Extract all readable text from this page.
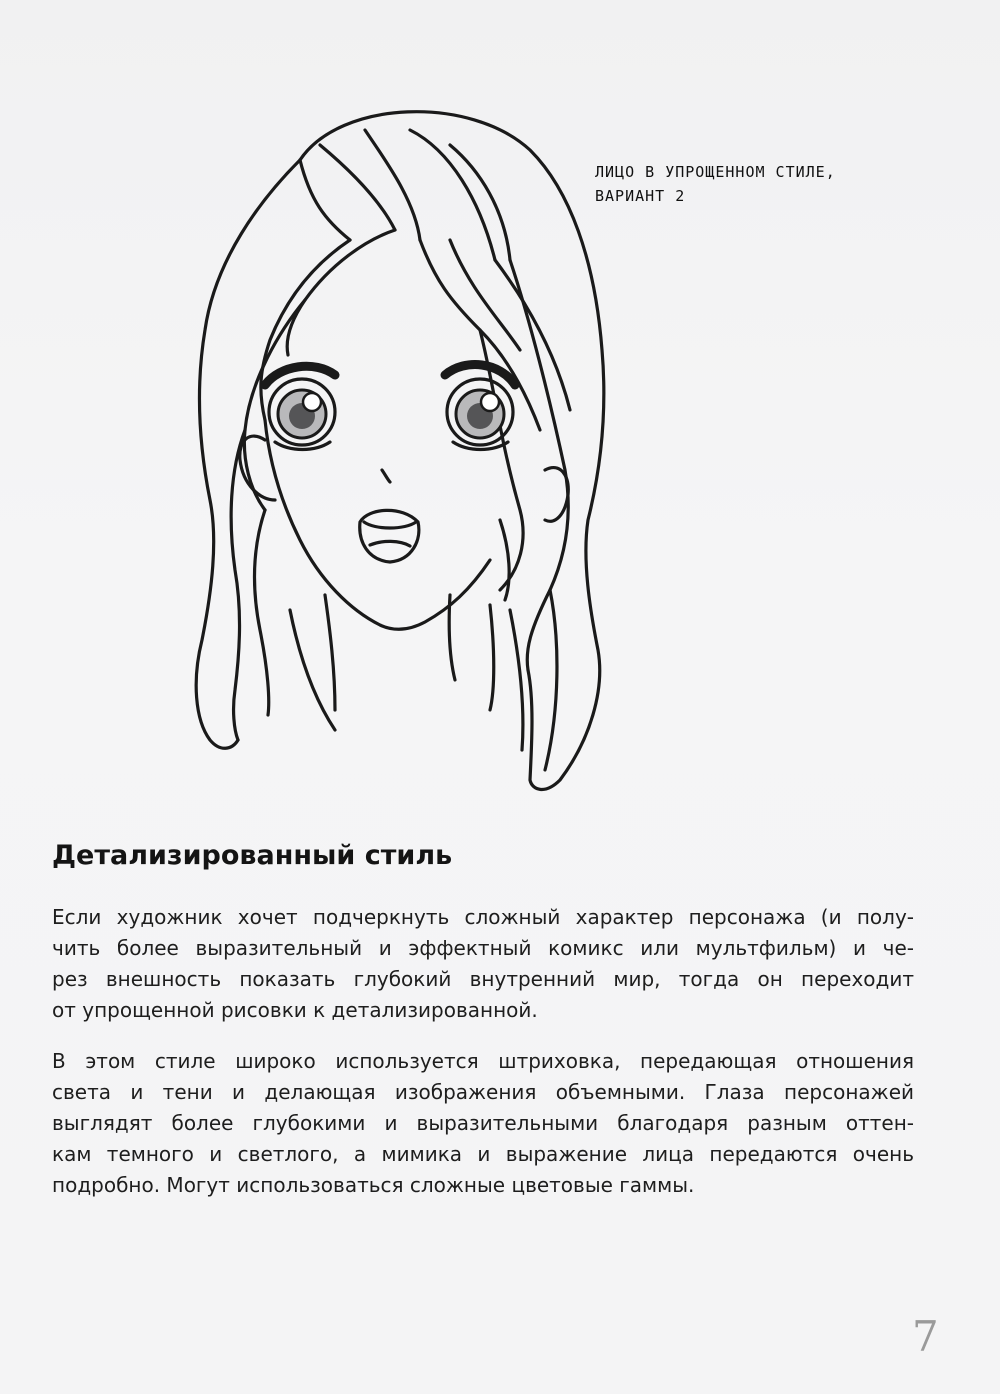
ЛИЦО В УПРОЩЕННОМ СТИЛЕ,
ВАРИАНТ 2
Детализированный стиль
Если художник хочет подчеркнуть сложный характер персонажа (и полу-
чить более выразительный и эффектный комикс или мультфильм) и че-
рез внешность показать глубокий внутренний мир, тогда он переходит
от упрощенной рисовки к детализированной.
В этом стиле широко используется штриховка, передающая отношения
света и тени и делающая изображения объемными. Глаза персонажей
выглядят более глубокими и выразительными благодаря разным оттен-
кам темного и светлого, а мимика и выражение лица передаются очень
подробно. Могут использоваться сложные цветовые гаммы.
7
